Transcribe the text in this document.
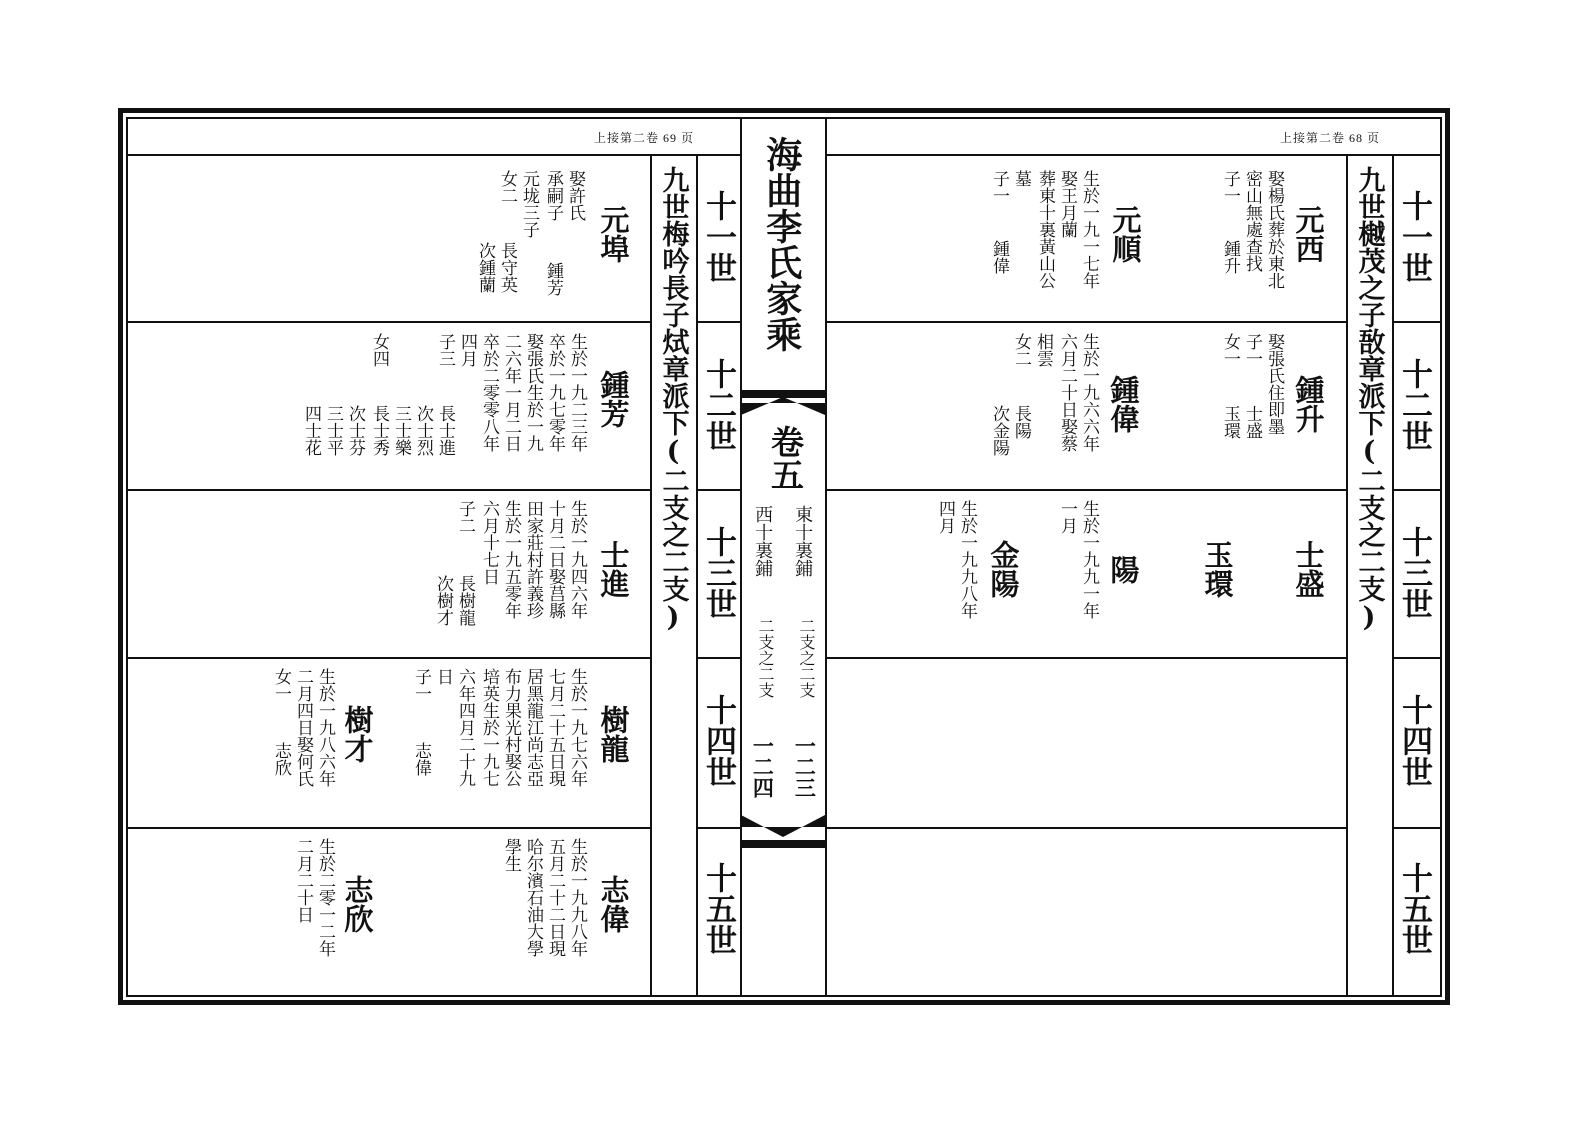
海曲李氏家乘
卷五
東十裏鋪
西十裏鋪
二支之二支
二支之二支
一二三
一二四
上接第二卷 69 页	上接第二卷 68 页
九世梅吟長子烒章派下(二支之二支)	九世樾茂之子敔章派下(二支之二支)
十一世
十二世
十三世
十四世
十五世
十一世
十二世
十三世
十四世
十五世
元西
娶楊氏葬於東北
密山無處查找
子一
鍾升
元順
生於一九一七年
娶王月蘭
葬東十裏黃山公
墓
子一
鍾偉
鍾升
娶張氏住即墨
子一
士盛
女一
玉環
鍾偉
生於一九六六年
六月二十日娶蔡
相雲
長陽
女二
次金陽
士盛
玉環
陽
生於一九九一年
一月
金陽
生於一九九八年
四月
元埠
娶許氏
承嗣子
鍾芳
元垅三子
女二
長守英
次鍾蘭
鍾芳
生於一九二三年
卒於一九七零年
娶張氏生於一九
二六年一月二日
卒於二零零八年
四月
子三
女四
長士進
次士烈
三士樂
長士秀
次士芬
三士平
四士花
士進
生於一九四六年
十月二日娶莒縣
田家莊村許義珍
生於一九五零年
六月十七日
子二
長樹龍
次樹才
樹龍
生於一九七六年
七月二十五日現
居黑龍江尚志亞
布力果光村娶公
培英生於一九七
六年四月二十九
日
子一
志偉
樹才
生於一九八六年
二月四日娶何氏
女一
志欣
志偉
生於一九九八年
五月二十二日現
哈尔濱石油大學
學生
志欣
生於二零一二年
二月二十日
